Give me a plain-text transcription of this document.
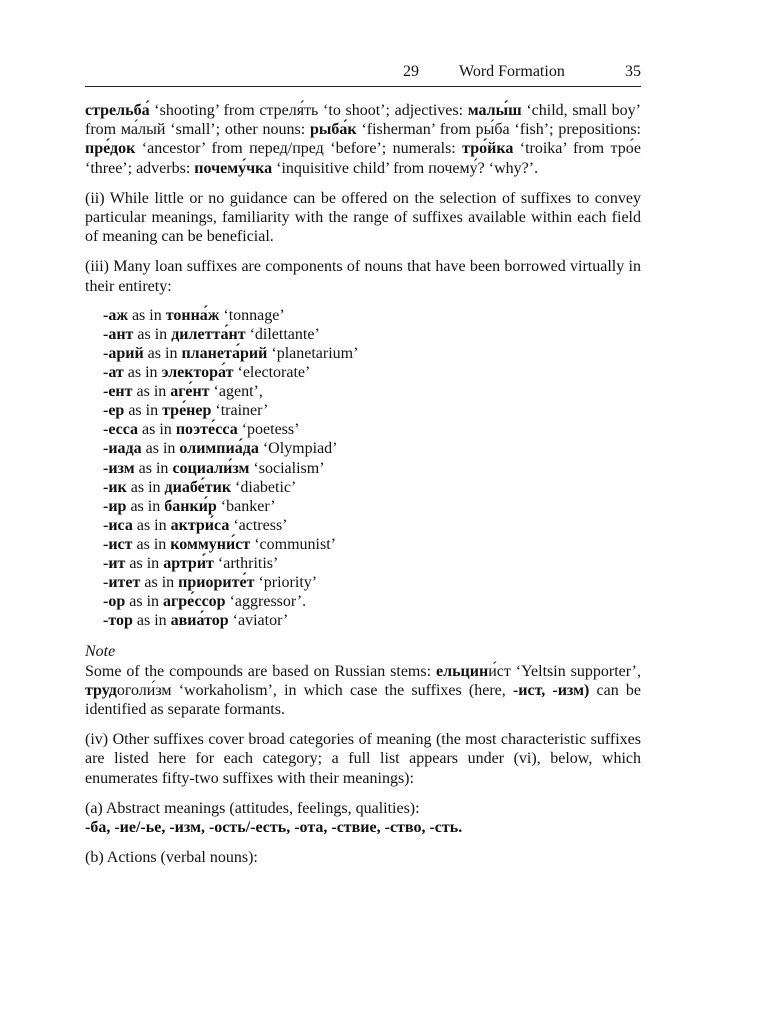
29	Word Formation	35

стрельба́ ‘shooting’ from стреля́ть ‘to shoot’; adjectives: малы́ш ‘child, small boy’ from ма́лый ‘small’; other nouns: рыба́к ‘fisherman’ from ры́ба ‘fish’; prepositions: пре́док ‘ancestor’ from перед/пред ‘before’; numerals: тро́йка ‘troika’ from тро́е ‘three’; adverbs: почему́чка ‘inquisitive child’ from почему́? ‘why?’.

(ii) While little or no guidance can be offered on the selection of suffixes to convey particular meanings, familiarity with the range of suffixes available within each field of meaning can be beneficial.

(iii) Many loan suffixes are components of nouns that have been borrowed virtually in their entirety:

-аж as in тонна́ж ‘tonnage’
-ант as in дилетта́нт ‘dilettante’
-арий as in планета́рий ‘planetarium’
-ат as in электора́т ‘electorate’
-ент as in аге́нт ‘agent’,
-ер as in тре́нер ‘trainer’
-есса as in поэте́сса ‘poetess’
-иада as in олимпиа́да ‘Olympiad’
-изм as in социали́зм ‘socialism’
-ик as in диабе́тик ‘diabetic’
-ир as in банки́р ‘banker’
-иса as in актри́са ‘actress’
-ист as in коммуни́ст ‘communist’
-ит as in артри́т ‘arthritis’
-итет as in приорите́т ‘priority’
-ор as in агре́ссор ‘aggressor’.
-тор as in авиа́тор ‘aviator’

Note

Some of the compounds are based on Russian stems: ельцини́ст ‘Yeltsin supporter’, трудоголи́зм ‘workaholism’, in which case the suffixes (here, -ист, -изм) can be identified as separate formants.

(iv) Other suffixes cover broad categories of meaning (the most characteristic suffixes are listed here for each category; a full list appears under (vi), below, which enumerates fifty-two suffixes with their meanings):

(a) Abstract meanings (attitudes, feelings, qualities):

-ба, -ие/-ье, -изм, -ость/-есть, -ота, -ствие, -ство, -сть.

(b) Actions (verbal nouns):
